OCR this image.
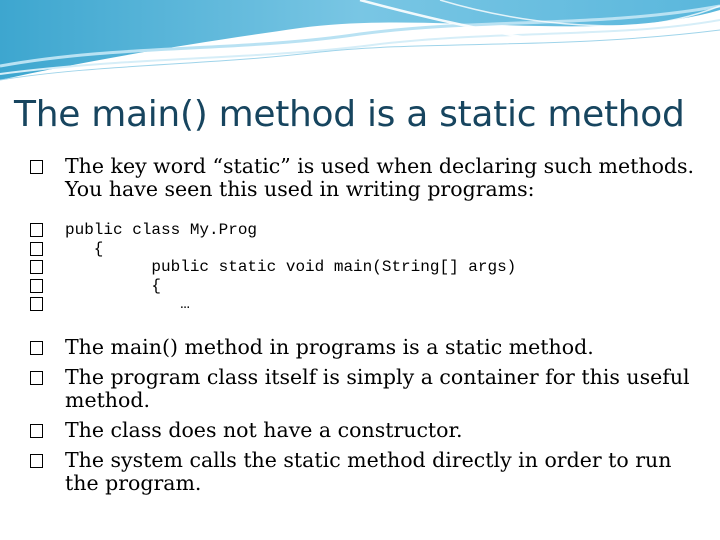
The main() method is a static method

The key word “static” is used when declaring such methods. You have seen this used in writing programs:

public class My.Prog
{
public static void main(String[] args)
{
…

The main() method in programs is a static method.

The program class itself is simply a container for this useful method.

The class does not have a constructor.

The system calls the static method directly in order to run the program.
